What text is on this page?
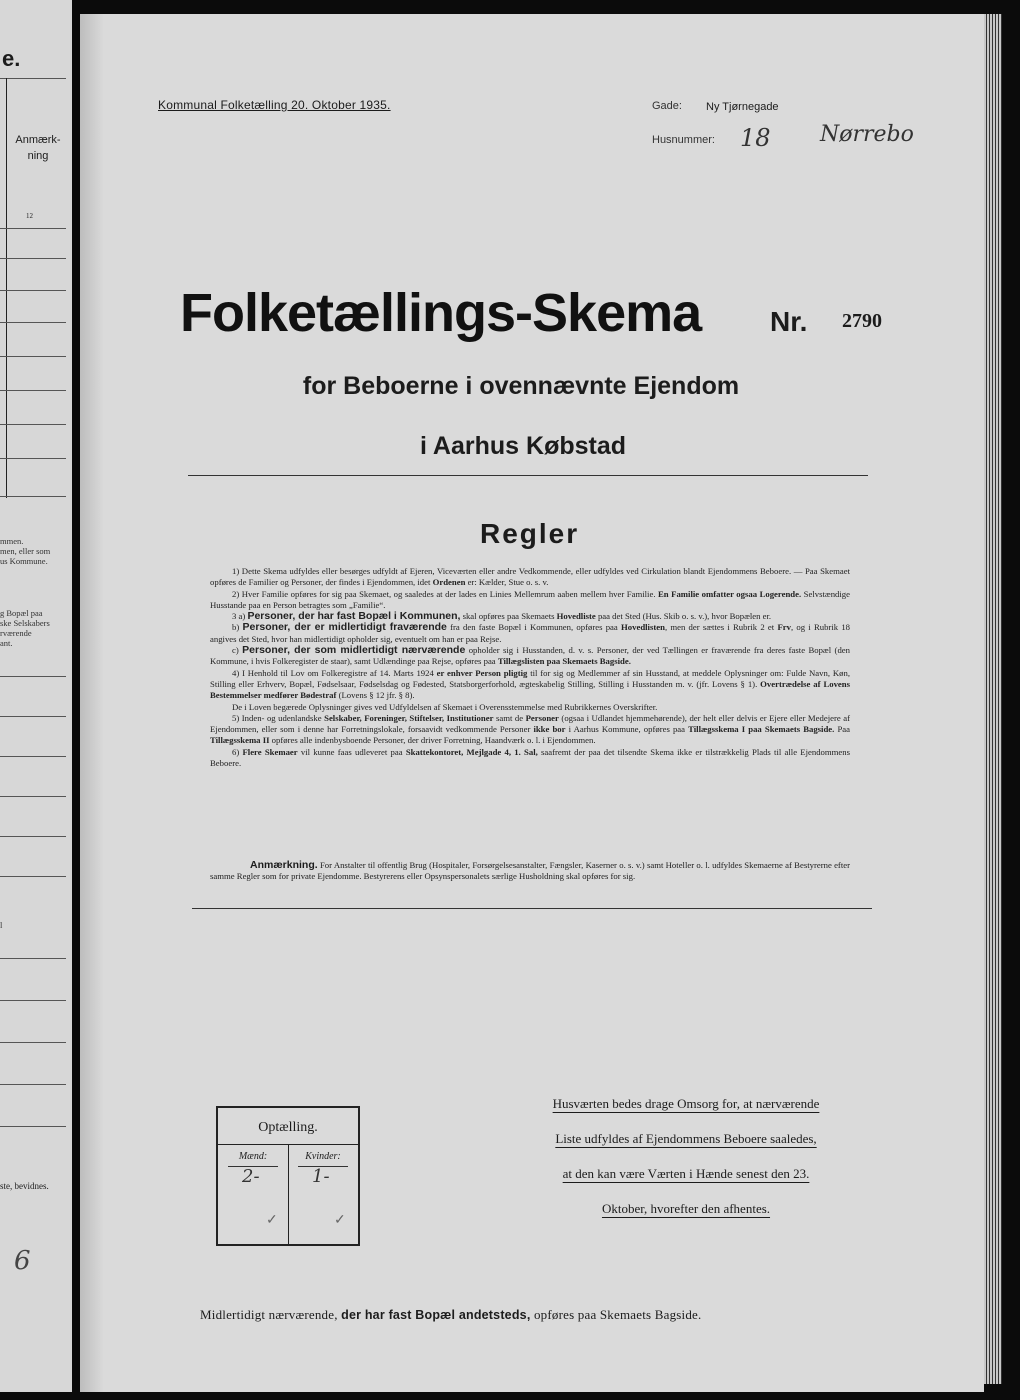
e.
Anmærk-
ning
12
mmen.
men, eller som
us Kommune.
g Bopæl paa
ske Selskabers
rværende
ant.
l
ste, bevidnes.
6
Kommunal Folketælling 20. Oktober 1935.	Gade: Ny Tjørnegade
Husnummer: 18 Nørrebo
Folketællings-Skema Nr. 2790
for Beboerne i ovennævnte Ejendom
i Aarhus Købstad
Regler

1) Dette Skema udfyldes eller besørges udfyldt af Ejeren, Viceværten eller andre Vedkommende, eller udfyldes ved Cirkulation blandt Ejendommens Beboere. — Paa Skemaet opføres de Familier og Personer, der findes i Ejendommen, idet Ordenen er: Kælder, Stue o. s. v.

2) Hver Familie opføres for sig paa Skemaet, og saaledes at der lades en Linies Mellemrum aaben mellem hver Familie. En Familie omfatter ogsaa Logerende. Selvstændige Husstande paa en Person betragtes som „Familie“.

3 a) Personer, der har fast Bopæl i Kommunen, skal opføres paa Skemaets Hovedliste paa det Sted (Hus. Skib o. s. v.), hvor Bopælen er.

b) Personer, der er midlertidigt fraværende fra den faste Bopæl i Kommunen, opføres paa Hovedlisten, men der sættes i Rubrik 2 et Frv, og i Rubrik 18 angives det Sted, hvor han midlertidigt opholder sig, eventuelt om han er paa Rejse.

c) Personer, der som midlertidigt nærværende opholder sig i Husstanden, d. v. s. Personer, der ved Tællingen er fraværende fra deres faste Bopæl (den Kommune, i hvis Folkeregister de staar), samt Udlændinge paa Rejse, opføres paa Tillægslisten paa Skemaets Bagside.

4) I Henhold til Lov om Folkeregistre af 14. Marts 1924 er enhver Person pligtig til for sig og Medlemmer af sin Husstand, at meddele Oplysninger om: Fulde Navn, Køn, Stilling eller Erhverv, Bopæl, Fødselsaar, Fødselsdag og Fødested, Statsborgerforhold, ægteskabelig Stilling, Stilling i Husstanden m. v. (jfr. Lovens § 1). Overtrædelse af Lovens Bestemmelser medfører Bødestraf (Lovens § 12 jfr. § 8).

De i Loven begærede Oplysninger gives ved Udfyldelsen af Skemaet i Overensstemmelse med Rubrikkernes Overskrifter.

5) Inden- og udenlandske Selskaber, Foreninger, Stiftelser, Institutioner samt de Personer (ogsaa i Udlandet hjemmehørende), der helt eller delvis er Ejere eller Medejere af Ejendommen, eller som i denne har Forretningslokale, forsaavidt vedkommende Personer ikke bor i Aarhus Kommune, opføres paa Tillægsskema I paa Skemaets Bagside. Paa Tillægsskema II opføres alle indenbysboende Personer, der driver Forretning, Haandværk o. l. i Ejendommen.

6) Flere Skemaer vil kunne faas udleveret paa Skattekontoret, Mejlgade 4, 1. Sal, saafremt der paa det tilsendte Skema ikke er tilstrækkelig Plads til alle Ejendommens Beboere.

Anmærkning. For Anstalter til offentlig Brug (Hospitaler, Forsørgelsesanstalter, Fængsler, Kaserner o. s. v.) samt Hoteller o. l. udfyldes Skemaerne af Bestyrerne efter samme Regler som for private Ejendomme. Bestyrerens eller Opsynspersonalets særlige Husholdning skal opføres for sig.
Optælling.
Mænd:	Kvinder:
2-	1-
✓	✓
Husværten bedes drage Omsorg for, at nærværende
Liste udfyldes af Ejendommens Beboere saaledes,
at den kan være Værten i Hænde senest den 23.
Oktober, hvorefter den afhentes.
Midlertidigt nærværende, der har fast Bopæl andetsteds, opføres paa Skemaets Bagside.
